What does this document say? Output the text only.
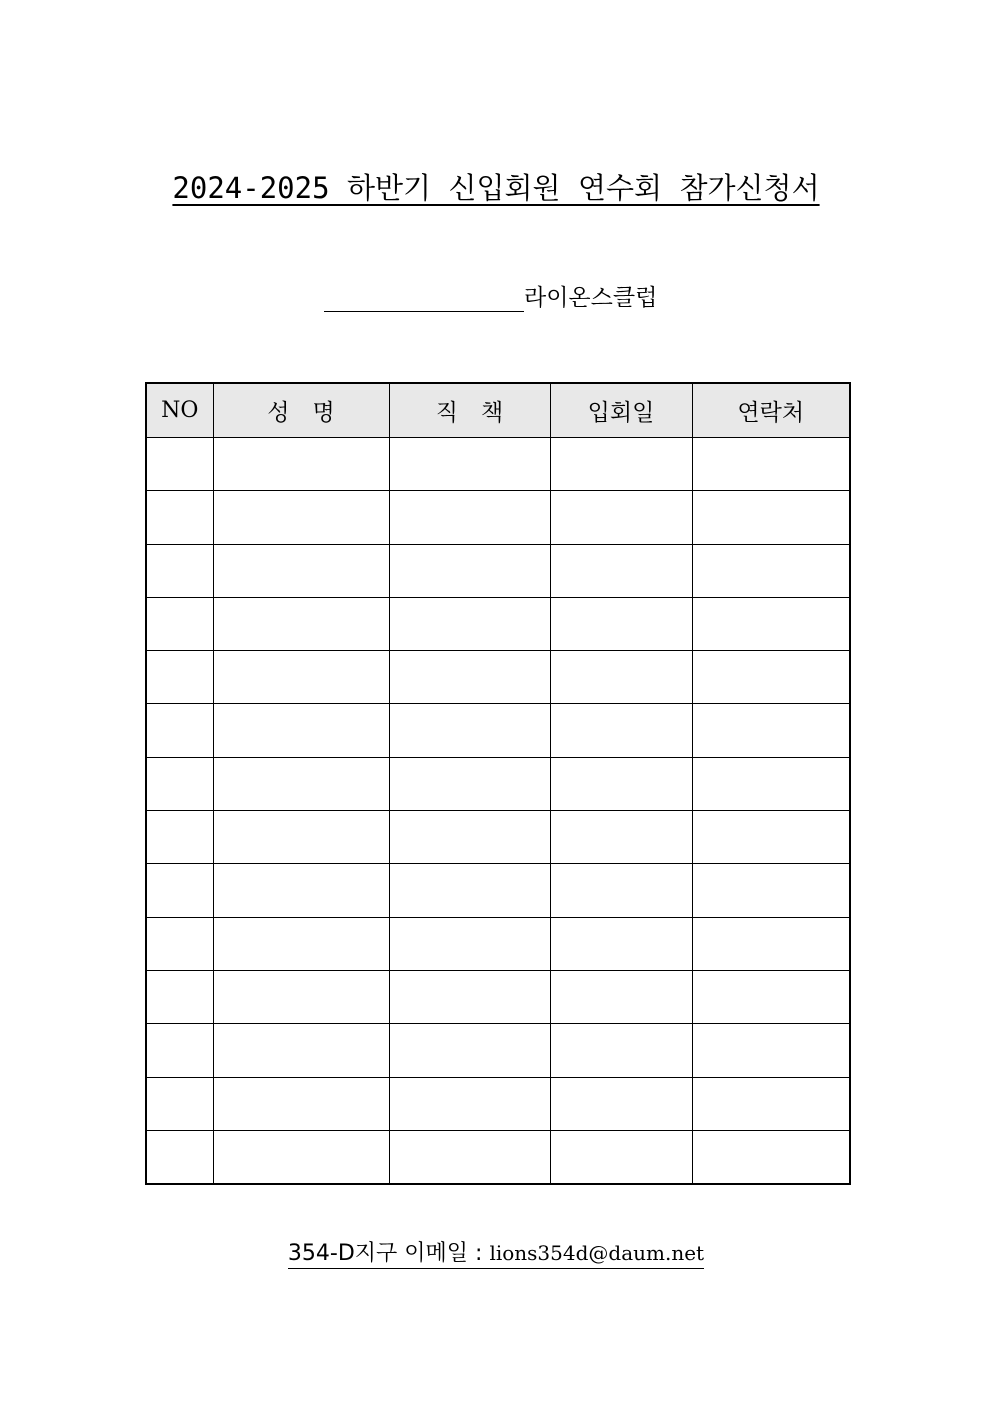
2024-2025 하반기 신입회원 연수회 참가신청서
라이온스클럽
NO	성　명	직　책	입회일	연락처

354-D지구 이메일 : lions354d@daum.net
